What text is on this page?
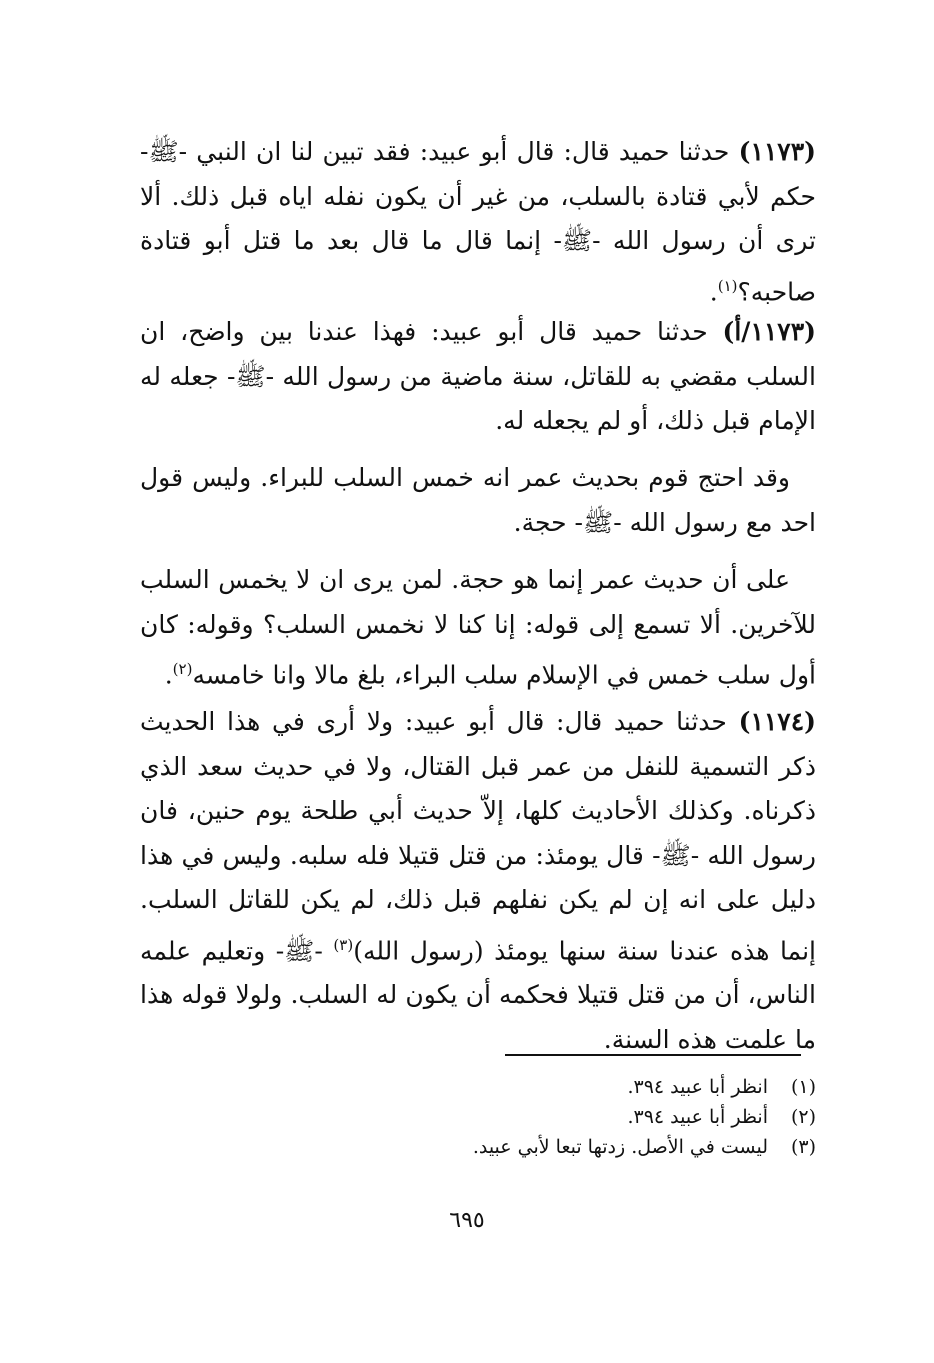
(١١٧٣) حدثنا حميد قال: قال أبو عبيد: فقد تبين لنا ان النبي -ﷺ- حكم لأبي قتادة بالسلب، من غير أن يكون نفله اياه قبل ذلك. ألا ترى أن رسول الله -ﷺ- إنما قال ما قال بعد ما قتل أبو قتادة صاحبه؟$^{(١)}$.

(١١٧٣/أ) حدثنا حميد قال أبو عبيد: فهذا عندنا بين واضح، ان السلب مقضي به للقاتل، سنة ماضية من رسول الله -ﷺ- جعله له الإمام قبل ذلك، أو لم يجعله له.

وقد احتج قوم بحديث عمر انه خمس السلب للبراء. وليس قول احد مع رسول الله -ﷺ- حجة.

على أن حديث عمر إنما هو حجة. لمن يرى ان لا يخمس السلب للآخرين. ألا تسمع إلى قوله: إنا كنا لا نخمس السلب؟ وقوله: كان أول سلب خمس في الإسلام سلب البراء، بلغ مالا وانا خامسه$^{(٢)}$.

(١١٧٤) حدثنا حميد قال: قال أبو عبيد: ولا أرى في هذا الحديث ذكر التسمية للنفل من عمر قبل القتال، ولا في حديث سعد الذي ذكرناه. وكذلك الأحاديث كلها، إلاّ حديث أبي طلحة يوم حنين، فان رسول الله -ﷺ- قال يومئذ: من قتل قتيلا فله سلبه. وليس في هذا دليل على انه إن لم يكن نفلهم قبل ذلك، لم يكن للقاتل السلب. إنما هذه عندنا سنة سنها يومئذ (رسول الله)$^{(٣)}$ -ﷺ- وتعليم علمه الناس، أن من قتل قتيلا فحكمه أن يكون له السلب. ولولا قوله هذا ما علمت هذه السنة.

(١)انظر أبا عبيد ٣٩٤.
(٢)أنظر أبا عبيد ٣٩٤.
(٣)ليست في الأصل. زدتها تبعا لأبي عبيد.
٦٩٥
